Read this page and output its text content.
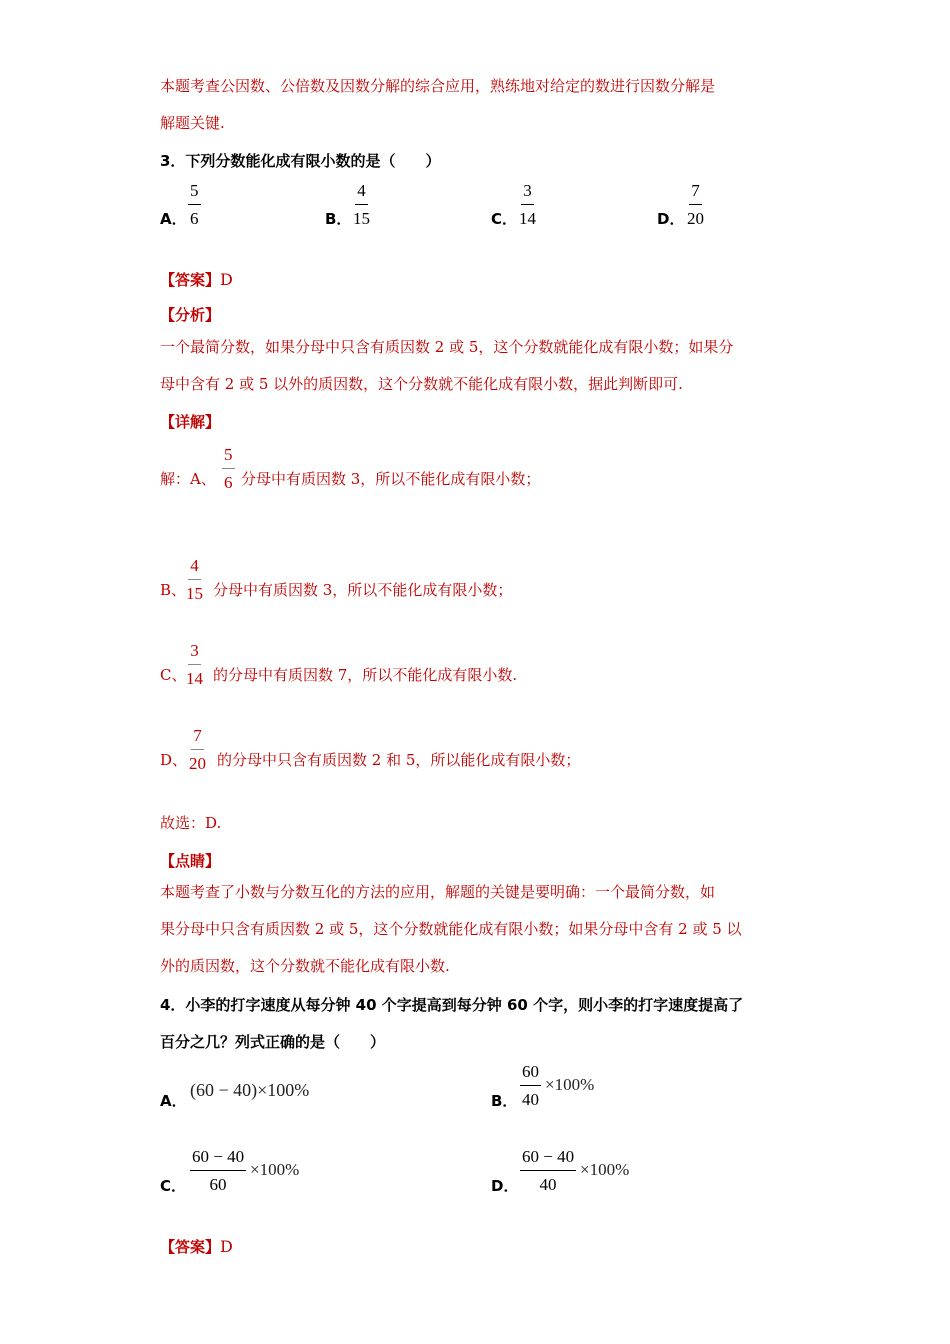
本题考查公因数、公倍数及因数分解的综合应用，熟练地对给定的数进行因数分解是
解题关键.
3．下列分数能化成有限小数的是（　　）
A． $\frac{5}{6}$	B． $\frac{4}{15}$	C． $\frac{3}{14}$	D． $\frac{7}{20}$
【答案】D
【分析】
一个最简分数，如果分母中只含有质因数 2 或 5，这个分数就能化成有限小数；如果分
母中含有 2 或 5 以外的质因数，这个分数就不能化成有限小数，据此判断即可.
【详解】
解：A、 $\frac{5}{6}$ 分母中有质因数 3，所以不能化成有限小数；
B、 $\frac{4}{15}$ 分母中有质因数 3，所以不能化成有限小数；
C、 $\frac{3}{14}$ 的分母中有质因数 7，所以不能化成有限小数.
D、 $\frac{7}{20}$ 的分母中只含有质因数 2 和 5，所以能化成有限小数；
故选：D.
【点睛】
本题考查了小数与分数互化的方法的应用，解题的关键是要明确：一个最简分数，如
果分母中只含有质因数 2 或 5，这个分数就能化成有限小数；如果分母中含有 2 或 5 以
外的质因数，这个分数就不能化成有限小数.
4．小李的打字速度从每分钟 40 个字提高到每分钟 60 个字，则小李的打字速度提高了
百分之几？列式正确的是（　　）
A．
(60 − 40)×100%
B． $\frac{60}{40} \times 100\%$
C． $\frac{60 - 40}{60} \times 100\%$
D． $\frac{60 - 40}{40} \times 100\%$
【答案】D
